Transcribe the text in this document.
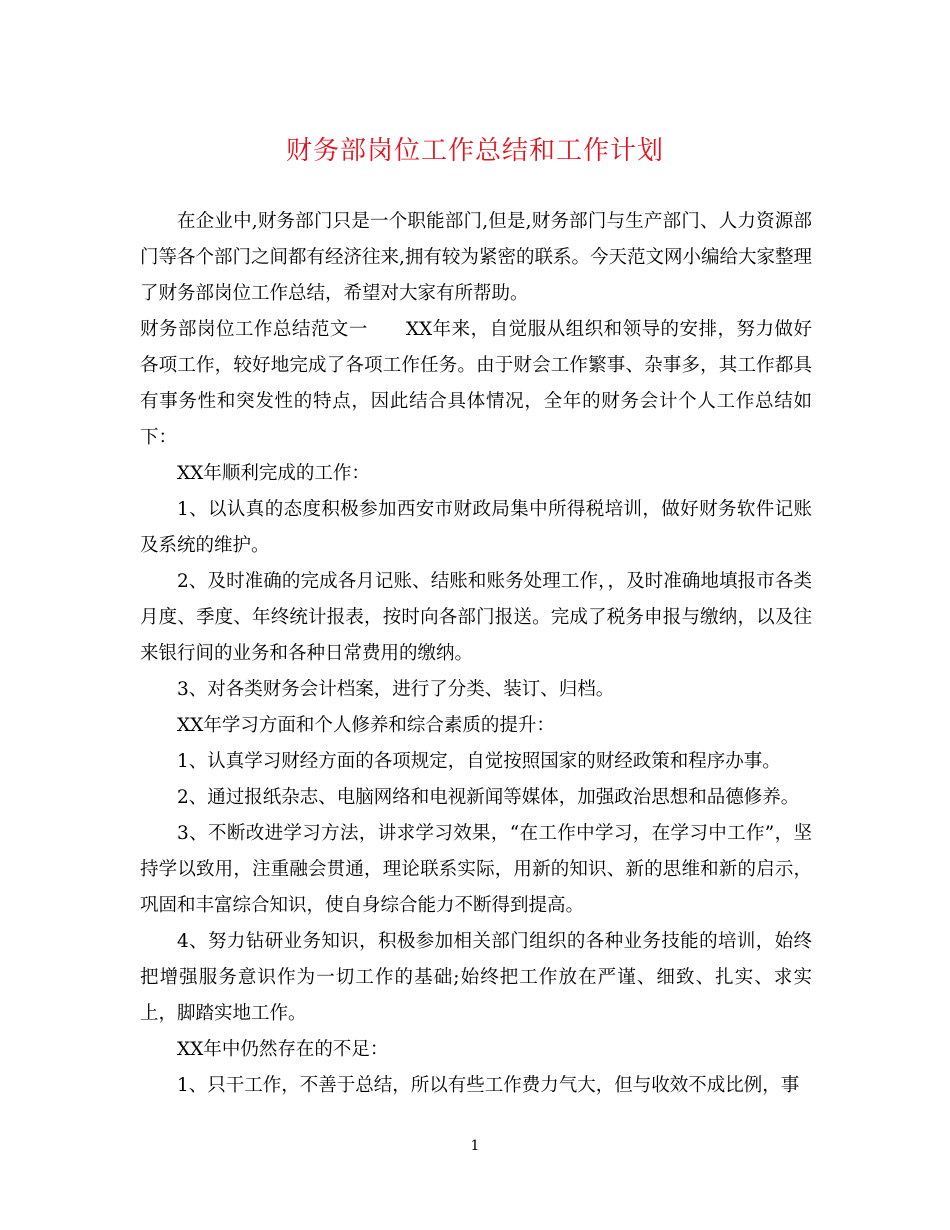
财务部岗位工作总结和工作计划

在企业中,财务部门只是一个职能部门,但是,财务部门与生产部门、人力资源部门等各个部门之间都有经济往来,拥有较为紧密的联系。今天范文网小编给大家整理了财务部岗位工作总结，希望对大家有所帮助。

财务部岗位工作总结范文一　　XX年来，自觉服从组织和领导的安排，努力做好各项工作，较好地完成了各项工作任务。由于财会工作繁事、杂事多，其工作都具有事务性和突发性的特点，因此结合具体情况，全年的财务会计个人工作总结如下：

XX年顺利完成的工作：

1、以认真的态度积极参加西安市财政局集中所得税培训，做好财务软件记账及系统的维护。

2、及时准确的完成各月记账、结账和账务处理工作，，及时准确地填报市各类月度、季度、年终统计报表，按时向各部门报送。完成了税务申报与缴纳，以及往来银行间的业务和各种日常费用的缴纳。

3、对各类财务会计档案，进行了分类、装订、归档。

XX年学习方面和个人修养和综合素质的提升：

1、认真学习财经方面的各项规定，自觉按照国家的财经政策和程序办事。

2、通过报纸杂志、电脑网络和电视新闻等媒体，加强政治思想和品德修养。

3、不断改进学习方法，讲求学习效果，“在工作中学习，在学习中工作”，坚持学以致用，注重融会贯通，理论联系实际，用新的知识、新的思维和新的启示，巩固和丰富综合知识，使自身综合能力不断得到提高。

4、努力钻研业务知识，积极参加相关部门组织的各种业务技能的培训，始终把增强服务意识作为一切工作的基础;始终把工作放在严谨、细致、扎实、求实上，脚踏实地工作。

XX年中仍然存在的不足：

1、只干工作，不善于总结，所以有些工作费力气大，但与收效不成比例，事

1
